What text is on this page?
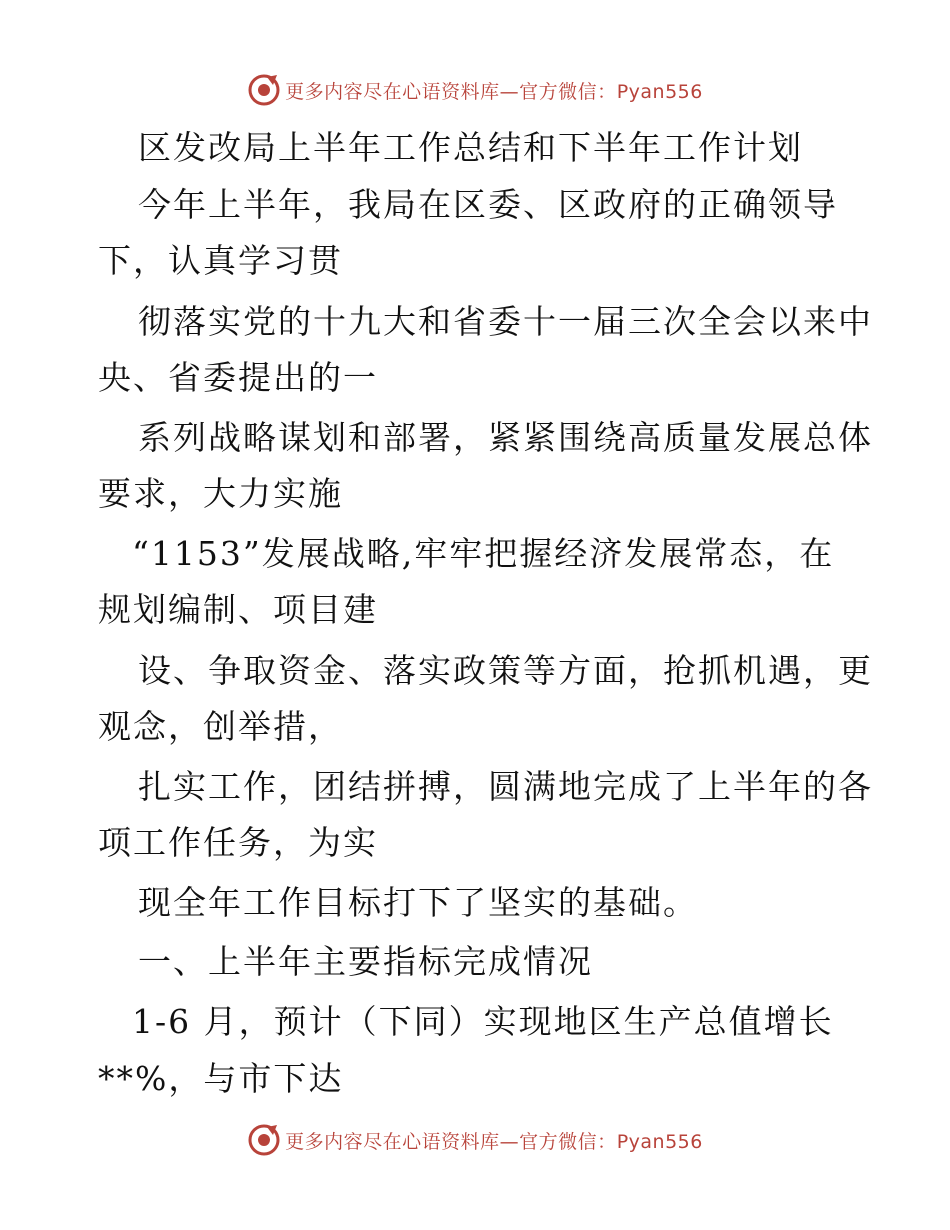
更多内容尽在心语资料库—官方微信：Pyan556
区发改局上半年工作总结和下半年工作计划
今年上半年，我局在区委、区政府的正确领导
下，认真学习贯
彻落实党的十九大和省委十一届三次全会以来中
央、省委提出的一
系列战略谋划和部署，紧紧围绕高质量发展总体
要求，大力实施
“1153”发展战略,牢牢把握经济发展常态，在
规划编制、项目建
设、争取资金、落实政策等方面，抢抓机遇，更
观念，创举措，
扎实工作，团结拼搏，圆满地完成了上半年的各
项工作任务，为实
现全年工作目标打下了坚实的基础。
一、上半年主要指标完成情况
1-6 月，预计（下同）实现地区生产总值增长
**%，与市下达
更多内容尽在心语资料库—官方微信：Pyan556
